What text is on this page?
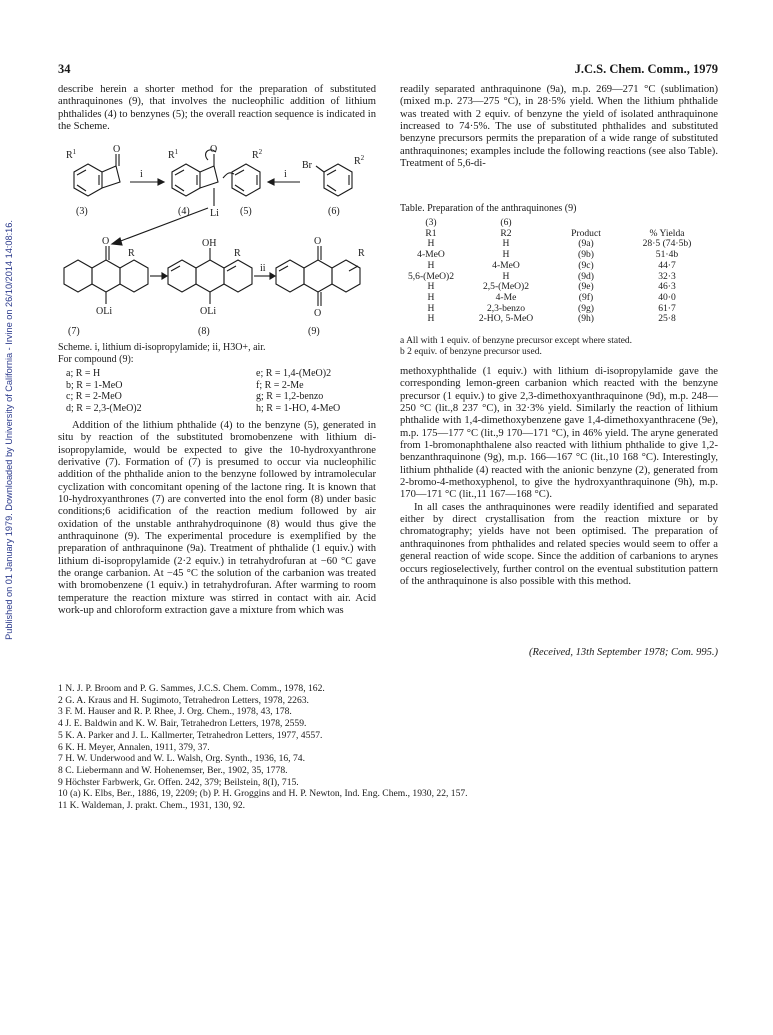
34	J.C.S. Chem. Comm., 1979
Published on 01 January 1979. Downloaded by University of California - Irvine on 26/10/2014 14:08:16.

describe herein a shorter method for the preparation of substituted anthraquinones (9), that involves the nucleophilic addition of lithium phthalides (4) to benzynes (5); the overall reaction sequence is indicated in the Scheme.

$R^1$	O
i
$R^1$	O
Li
$R^2$
i
Br	$R^2$
(3)	(4)	(5)	(6)
O
R
OLi
OH
R
OLi
ii
O
R
O
(7)	(8)	(9)
Scheme. i, lithium di-isopropylamide; ii, H3O+, air.
For compound (9):
a; R = H	e; R = 1,4-(MeO)2
b; R = 1-MeO	f; R = 2-Me
c; R = 2-MeO	g; R = 1,2-benzo
d; R = 2,3-(MeO)2	h; R = 1-HO, 4-MeO

Addition of the lithium phthalide (4) to the benzyne (5), generated in situ by reaction of the substituted bromobenzene with lithium di-isopropylamide, would be expected to give the 10-hydroxyanthrone derivative (7). Formation of (7) is presumed to occur via nucleophilic addition of the phthalide anion to the benzyne followed by intramolecular cyclization with concomitant opening of the lactone ring. It is known that 10-hydroxyanthrones (7) are converted into the enol form (8) under basic conditions;6 acidification of the reaction medium followed by air oxidation of the unstable anthrahydroquinone (8) would thus give the anthraquinone (9). The experimental procedure is exemplified by the preparation of anthraquinone (9a). Treatment of phthalide (1 equiv.) with lithium di-isopropylamide (2·2 equiv.) in tetrahydrofuran at −60 °C gave the orange carbanion. At −45 °C the solution of the carbanion was treated with bromobenzene (1 equiv.) in tetrahydrofuran. After warming to room temperature the reaction mixture was stirred in contact with air. Acid work-up and chloroform extraction gave a mixture from which was

readily separated anthraquinone (9a), m.p. 269—271 °C (sublimation) (mixed m.p. 273—275 °C), in 28·5% yield. When the lithium phthalide was treated with 2 equiv. of benzyne the yield of isolated anthraquinone increased to 74·5%. The use of substituted phthalides and substituted benzyne precursors permits the preparation of a wide range of substituted anthraquinones; examples include the following reactions (see also Table). Treatment of 5,6-di-

Table. Preparation of the anthraquinones (9)
(3)	(6)		
R1	R2	Product	% Yielda
H	H	(9a)	28·5 (74·5b)
4-MeO	H	(9b)	51·4b
H	4-MeO	(9c)	44·7
5,6-(MeO)2	H	(9d)	32·3
H	2,5-(MeO)2	(9e)	46·3
H	4-Me	(9f)	40·0
H	2,3-benzo	(9g)	61·7
H	2-HO, 5-MeO	(9h)	25·8
a All with 1 equiv. of benzyne precursor except where stated.
b 2 equiv. of benzyne precursor used.

methoxyphthalide (1 equiv.) with lithium di-isopropylamide gave the corresponding lemon-green carbanion which reacted with the benzyne precursor (1 equiv.) to give 2,3-dimethoxyanthraquinone (9d), m.p. 248—250 °C (lit.,8 237 °C), in 32·3% yield. Similarly the reaction of lithium phthalide with 1,4-dimethoxybenzene gave 1,4-dimethoxyanthracene (9e), m.p. 175—177 °C (lit.,9 170—171 °C), in 46% yield. The aryne generated from 1-bromonaphthalene also reacted with lithium phthalide to give 1,2-benzanthraquinone (9g), m.p. 166—167 °C (lit.,10 168 °C). Interestingly, lithium phthalide (4) reacted with the anionic benzyne (2), generated from 2-bromo-4-methoxyphenol, to give the hydroxyanthraquinone (9h), m.p. 170—171 °C (lit.,11 167—168 °C).

In all cases the anthraquinones were readily identified and separated either by direct crystallisation from the reaction mixture or by chromatography; yields have not been optimised. The preparation of anthraquinones from phthalides and related species would seem to offer a general reaction of wide scope. Since the addition of carbanions to arynes occurs regioselectively, further control on the eventual substitution pattern of the anthraquinone is also possible with this method.

(Received, 13th September 1978; Com. 995.)
1 N. J. P. Broom and P. G. Sammes, J.C.S. Chem. Comm., 1978, 162.
2 G. A. Kraus and H. Sugimoto, Tetrahedron Letters, 1978, 2263.
3 F. M. Hauser and R. P. Rhee, J. Org. Chem., 1978, 43, 178.
4 J. E. Baldwin and K. W. Bair, Tetrahedron Letters, 1978, 2559.
5 K. A. Parker and J. L. Kallmerter, Tetrahedron Letters, 1977, 4557.
6 K. H. Meyer, Annalen, 1911, 379, 37.
7 H. W. Underwood and W. L. Walsh, Org. Synth., 1936, 16, 74.
8 C. Liebermann and W. Hohenemser, Ber., 1902, 35, 1778.
9 Höchster Farbwerk, Gr. Offen. 242, 379; Beilstein, 8(I), 715.
10 (a) K. Elbs, Ber., 1886, 19, 2209; (b) P. H. Groggins and H. P. Newton, Ind. Eng. Chem., 1930, 22, 157.
11 K. Waldeman, J. prakt. Chem., 1931, 130, 92.
